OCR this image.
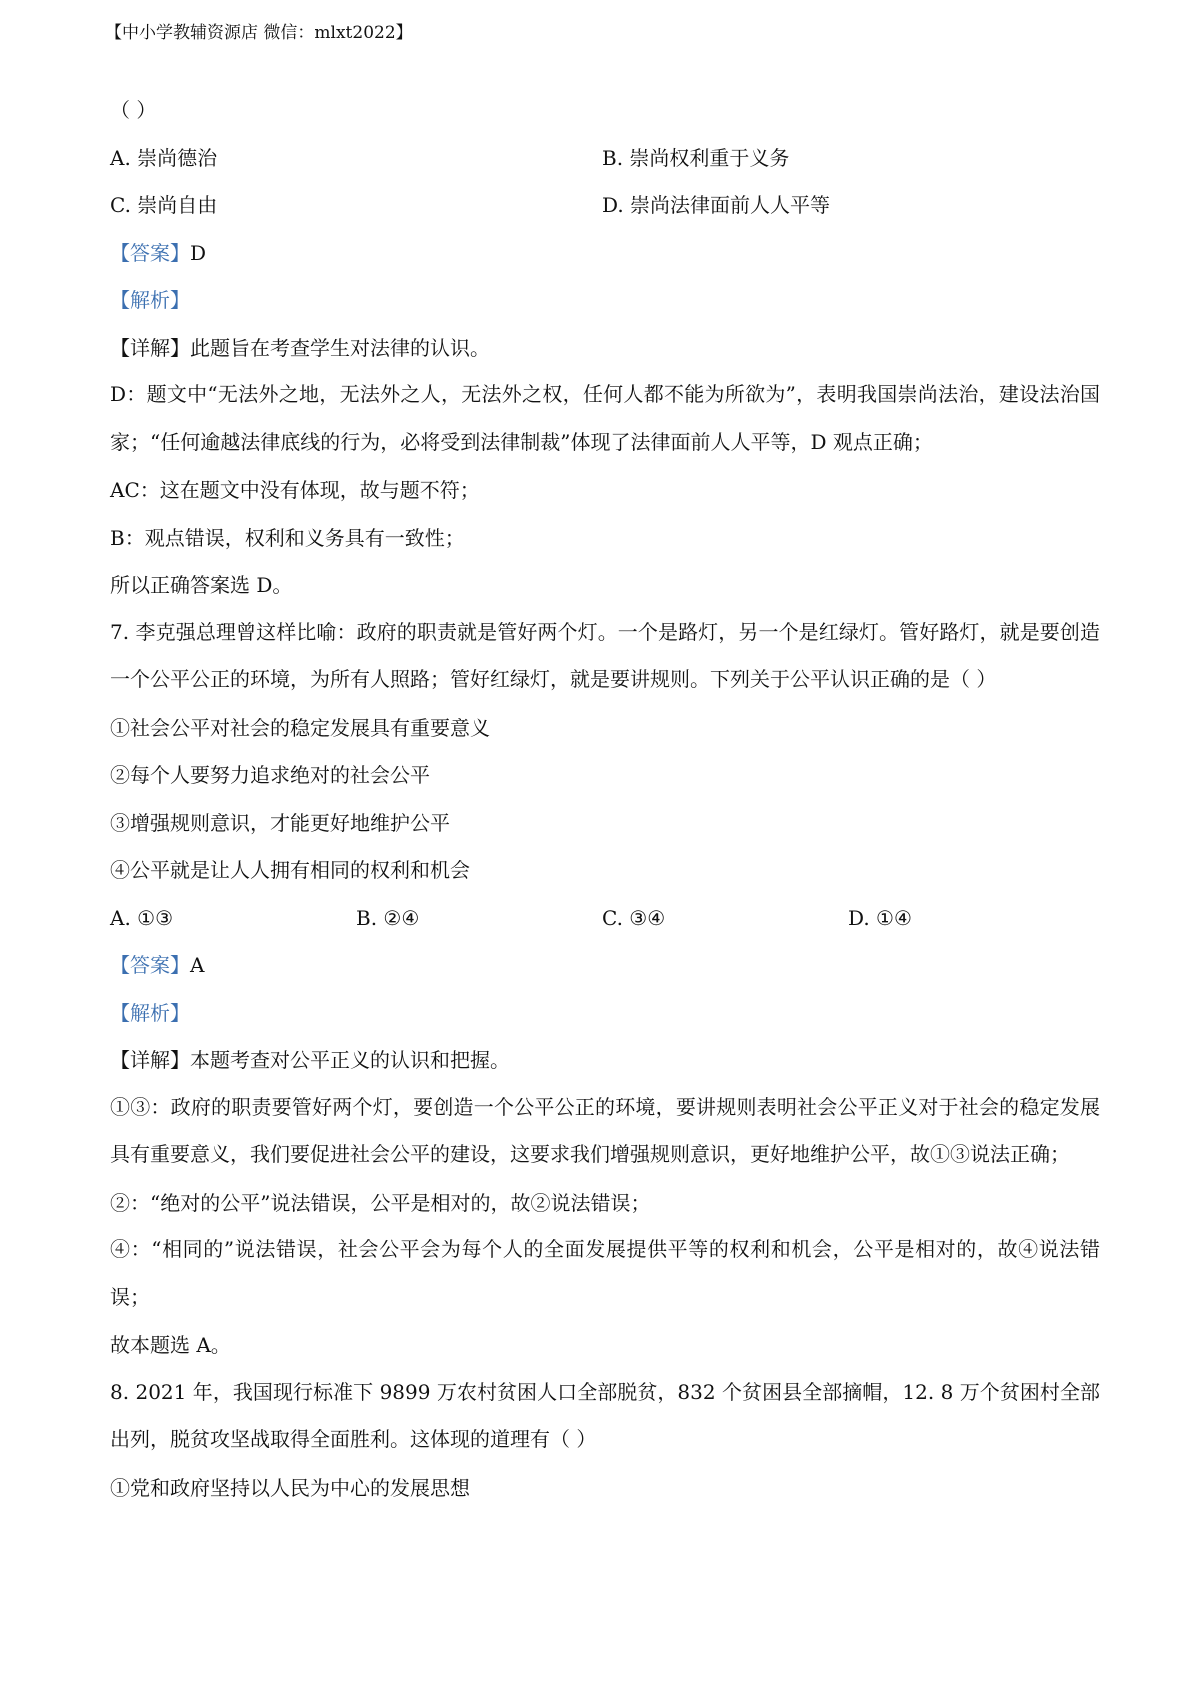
【中小学教辅资源店 微信：mlxt2022】
（ ）
A. 崇尚德治	B. 崇尚权利重于义务
C. 崇尚自由	D. 崇尚法律面前人人平等
【答案】D
【解析】
【详解】此题旨在考查学生对法律的认识。
D：题文中“无法外之地，无法外之人，无法外之权，任何人都不能为所欲为”，表明我国崇尚法治，建设法治国家；“任何逾越法律底线的行为，必将受到法律制裁”体现了法律面前人人平等，D 观点正确；
AC：这在题文中没有体现，故与题不符；
B：观点错误，权利和义务具有一致性；
所以正确答案选 D。
7. 李克强总理曾这样比喻：政府的职责就是管好两个灯。一个是路灯，另一个是红绿灯。管好路灯，就是要创造一个公平公正的环境，为所有人照路；管好红绿灯，就是要讲规则。下列关于公平认识正确的是（ ）
①社会公平对社会的稳定发展具有重要意义
②每个人要努力追求绝对的社会公平
③增强规则意识，才能更好地维护公平
④公平就是让人人拥有相同的权利和机会
A. ①③	B. ②④	C. ③④	D. ①④
【答案】A
【解析】
【详解】本题考查对公平正义的认识和把握。
①③：政府的职责要管好两个灯，要创造一个公平公正的环境，要讲规则表明社会公平正义对于社会的稳定发展具有重要意义，我们要促进社会公平的建设，这要求我们增强规则意识，更好地维护公平，故①③说法正确；
②：“绝对的公平”说法错误，公平是相对的，故②说法错误；
④：“相同的”说法错误，社会公平会为每个人的全面发展提供平等的权利和机会，公平是相对的，故④说法错误；
故本题选 A。
8. 2021 年，我国现行标准下 9899 万农村贫困人口全部脱贫，832 个贫困县全部摘帽，12. 8 万个贫困村全部出列，脱贫攻坚战取得全面胜利。这体现的道理有（ ）
①党和政府坚持以人民为中心的发展思想
